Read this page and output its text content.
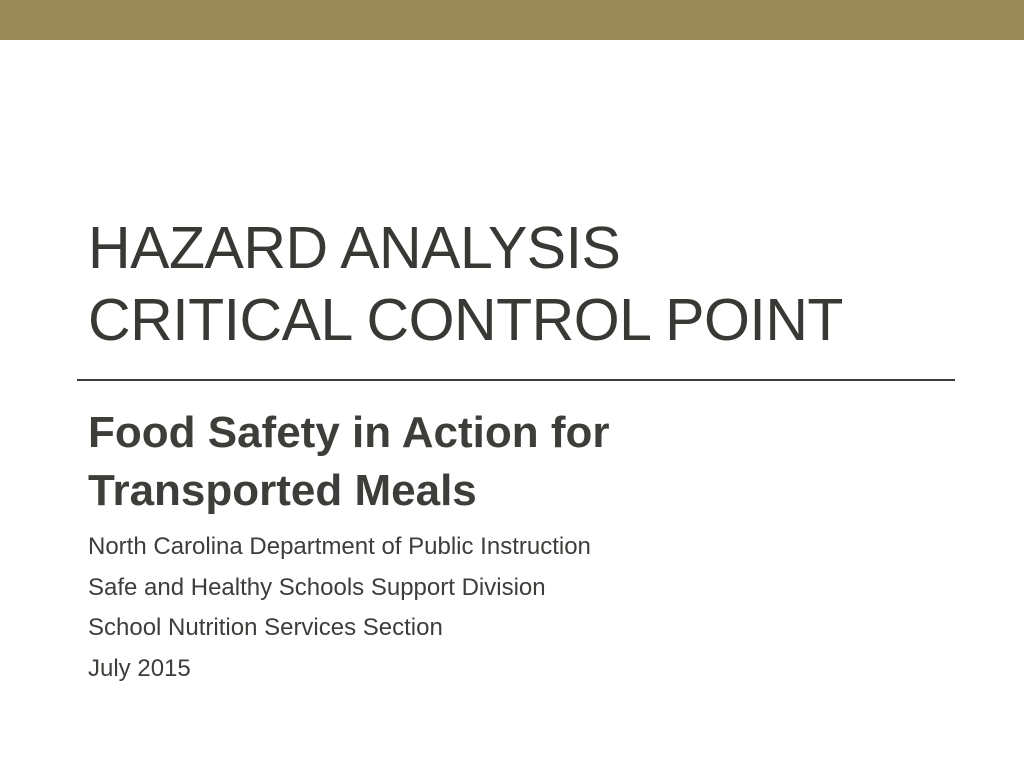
HAZARD ANALYSIS
CRITICAL CONTROL POINT
Food Safety in Action for
Transported Meals
North Carolina Department of Public Instruction
Safe and Healthy Schools Support Division
School Nutrition Services Section
July 2015
